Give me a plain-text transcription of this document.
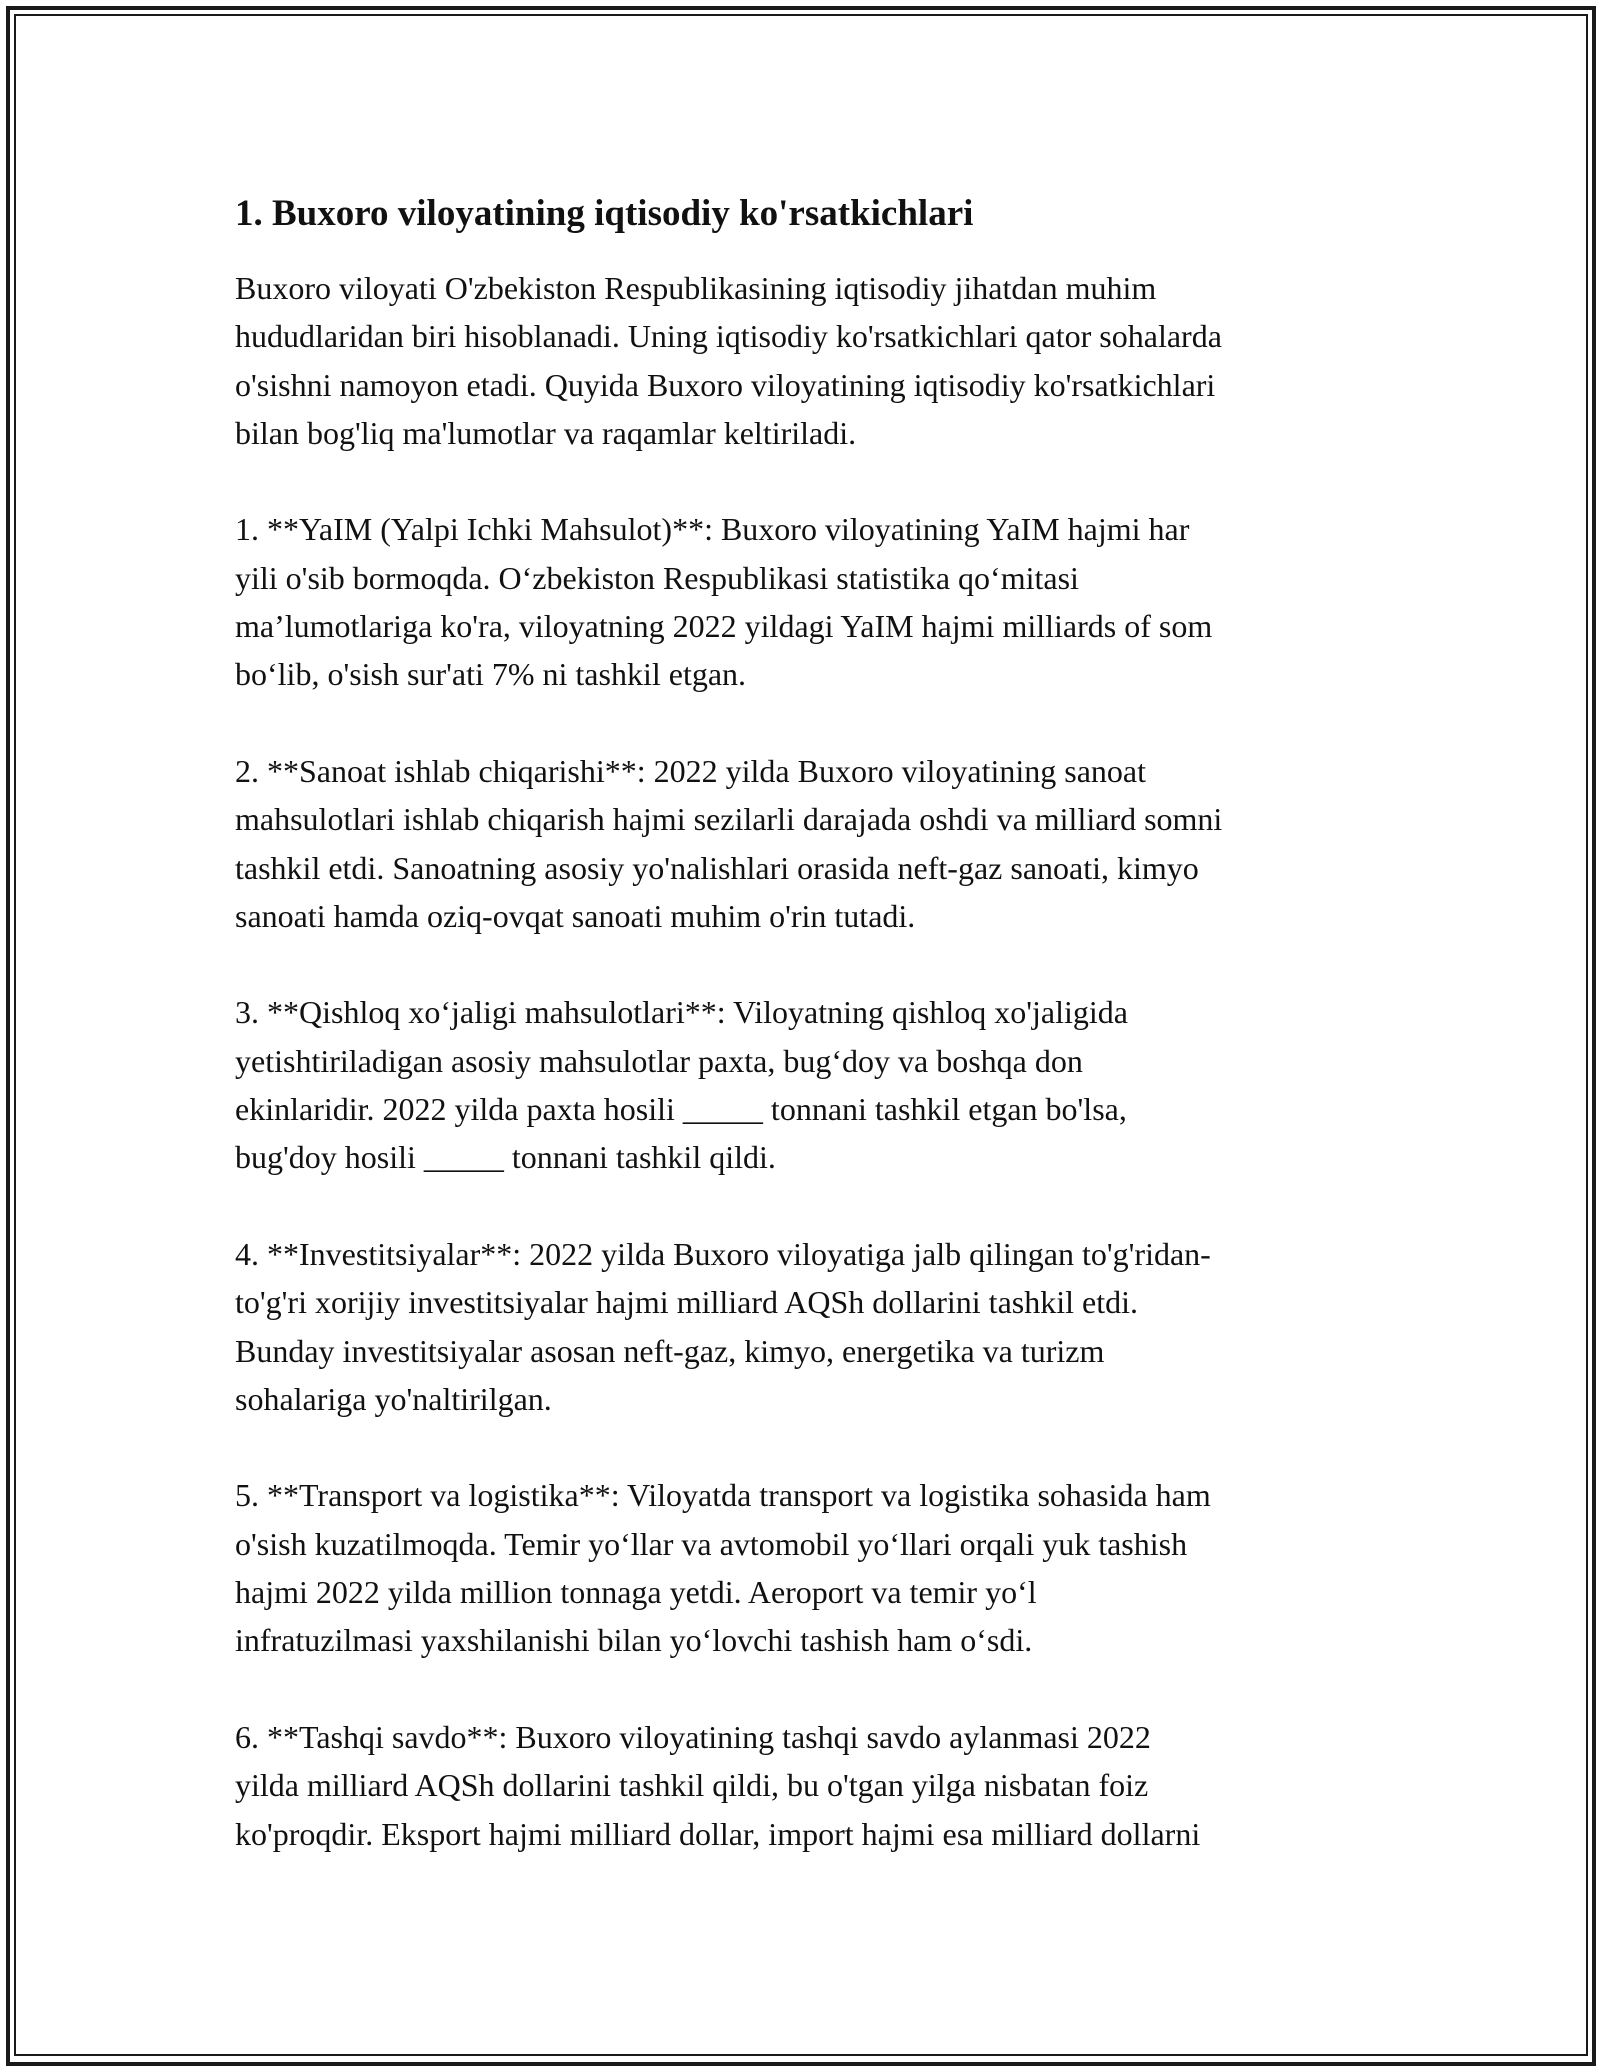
1. Buxoro viloyatining iqtisodiy ko'rsatkichlari

Buxoro viloyati O'zbekiston Respublikasining iqtisodiy jihatdan muhim
hududlaridan biri hisoblanadi. Uning iqtisodiy ko'rsatkichlari qator sohalarda
o'sishni namoyon etadi. Quyida Buxoro viloyatining iqtisodiy ko'rsatkichlari
bilan bog'liq ma'lumotlar va raqamlar keltiriladi.

1. **YaIM (Yalpi Ichki Mahsulot)**: Buxoro viloyatining YaIM hajmi har
yili o'sib bormoqda. O‘zbekiston Respublikasi statistika qo‘mitasi
ma’lumotlariga ko'ra, viloyatning 2022 yildagi YaIM hajmi milliards of som
bo‘lib, o'sish sur'ati 7% ni tashkil etgan.

2. **Sanoat ishlab chiqarishi**: 2022 yilda Buxoro viloyatining sanoat
mahsulotlari ishlab chiqarish hajmi sezilarli darajada oshdi va milliard somni
tashkil etdi. Sanoatning asosiy yo'nalishlari orasida neft-gaz sanoati, kimyo
sanoati hamda oziq-ovqat sanoati muhim o'rin tutadi.

3. **Qishloq xo‘jaligi mahsulotlari**: Viloyatning qishloq xo'jaligida
yetishtiriladigan asosiy mahsulotlar paxta, bug‘doy va boshqa don
ekinlaridir. 2022 yilda paxta hosili _____ tonnani tashkil etgan bo'lsa,
bug'doy hosili _____ tonnani tashkil qildi.

4. **Investitsiyalar**: 2022 yilda Buxoro viloyatiga jalb qilingan to'g'ridan-
to'g'ri xorijiy investitsiyalar hajmi milliard AQSh dollarini tashkil etdi.
Bunday investitsiyalar asosan neft-gaz, kimyo, energetika va turizm
sohalariga yo'naltirilgan.

5. **Transport va logistika**: Viloyatda transport va logistika sohasida ham
o'sish kuzatilmoqda. Temir yo‘llar va avtomobil yo‘llari orqali yuk tashish
hajmi 2022 yilda million tonnaga yetdi. Aeroport va temir yo‘l
infratuzilmasi yaxshilanishi bilan yo‘lovchi tashish ham o‘sdi.

6. **Tashqi savdo**: Buxoro viloyatining tashqi savdo aylanmasi 2022
yilda milliard AQSh dollarini tashkil qildi, bu o'tgan yilga nisbatan foiz
ko'proqdir. Eksport hajmi milliard dollar, import hajmi esa milliard dollarni
